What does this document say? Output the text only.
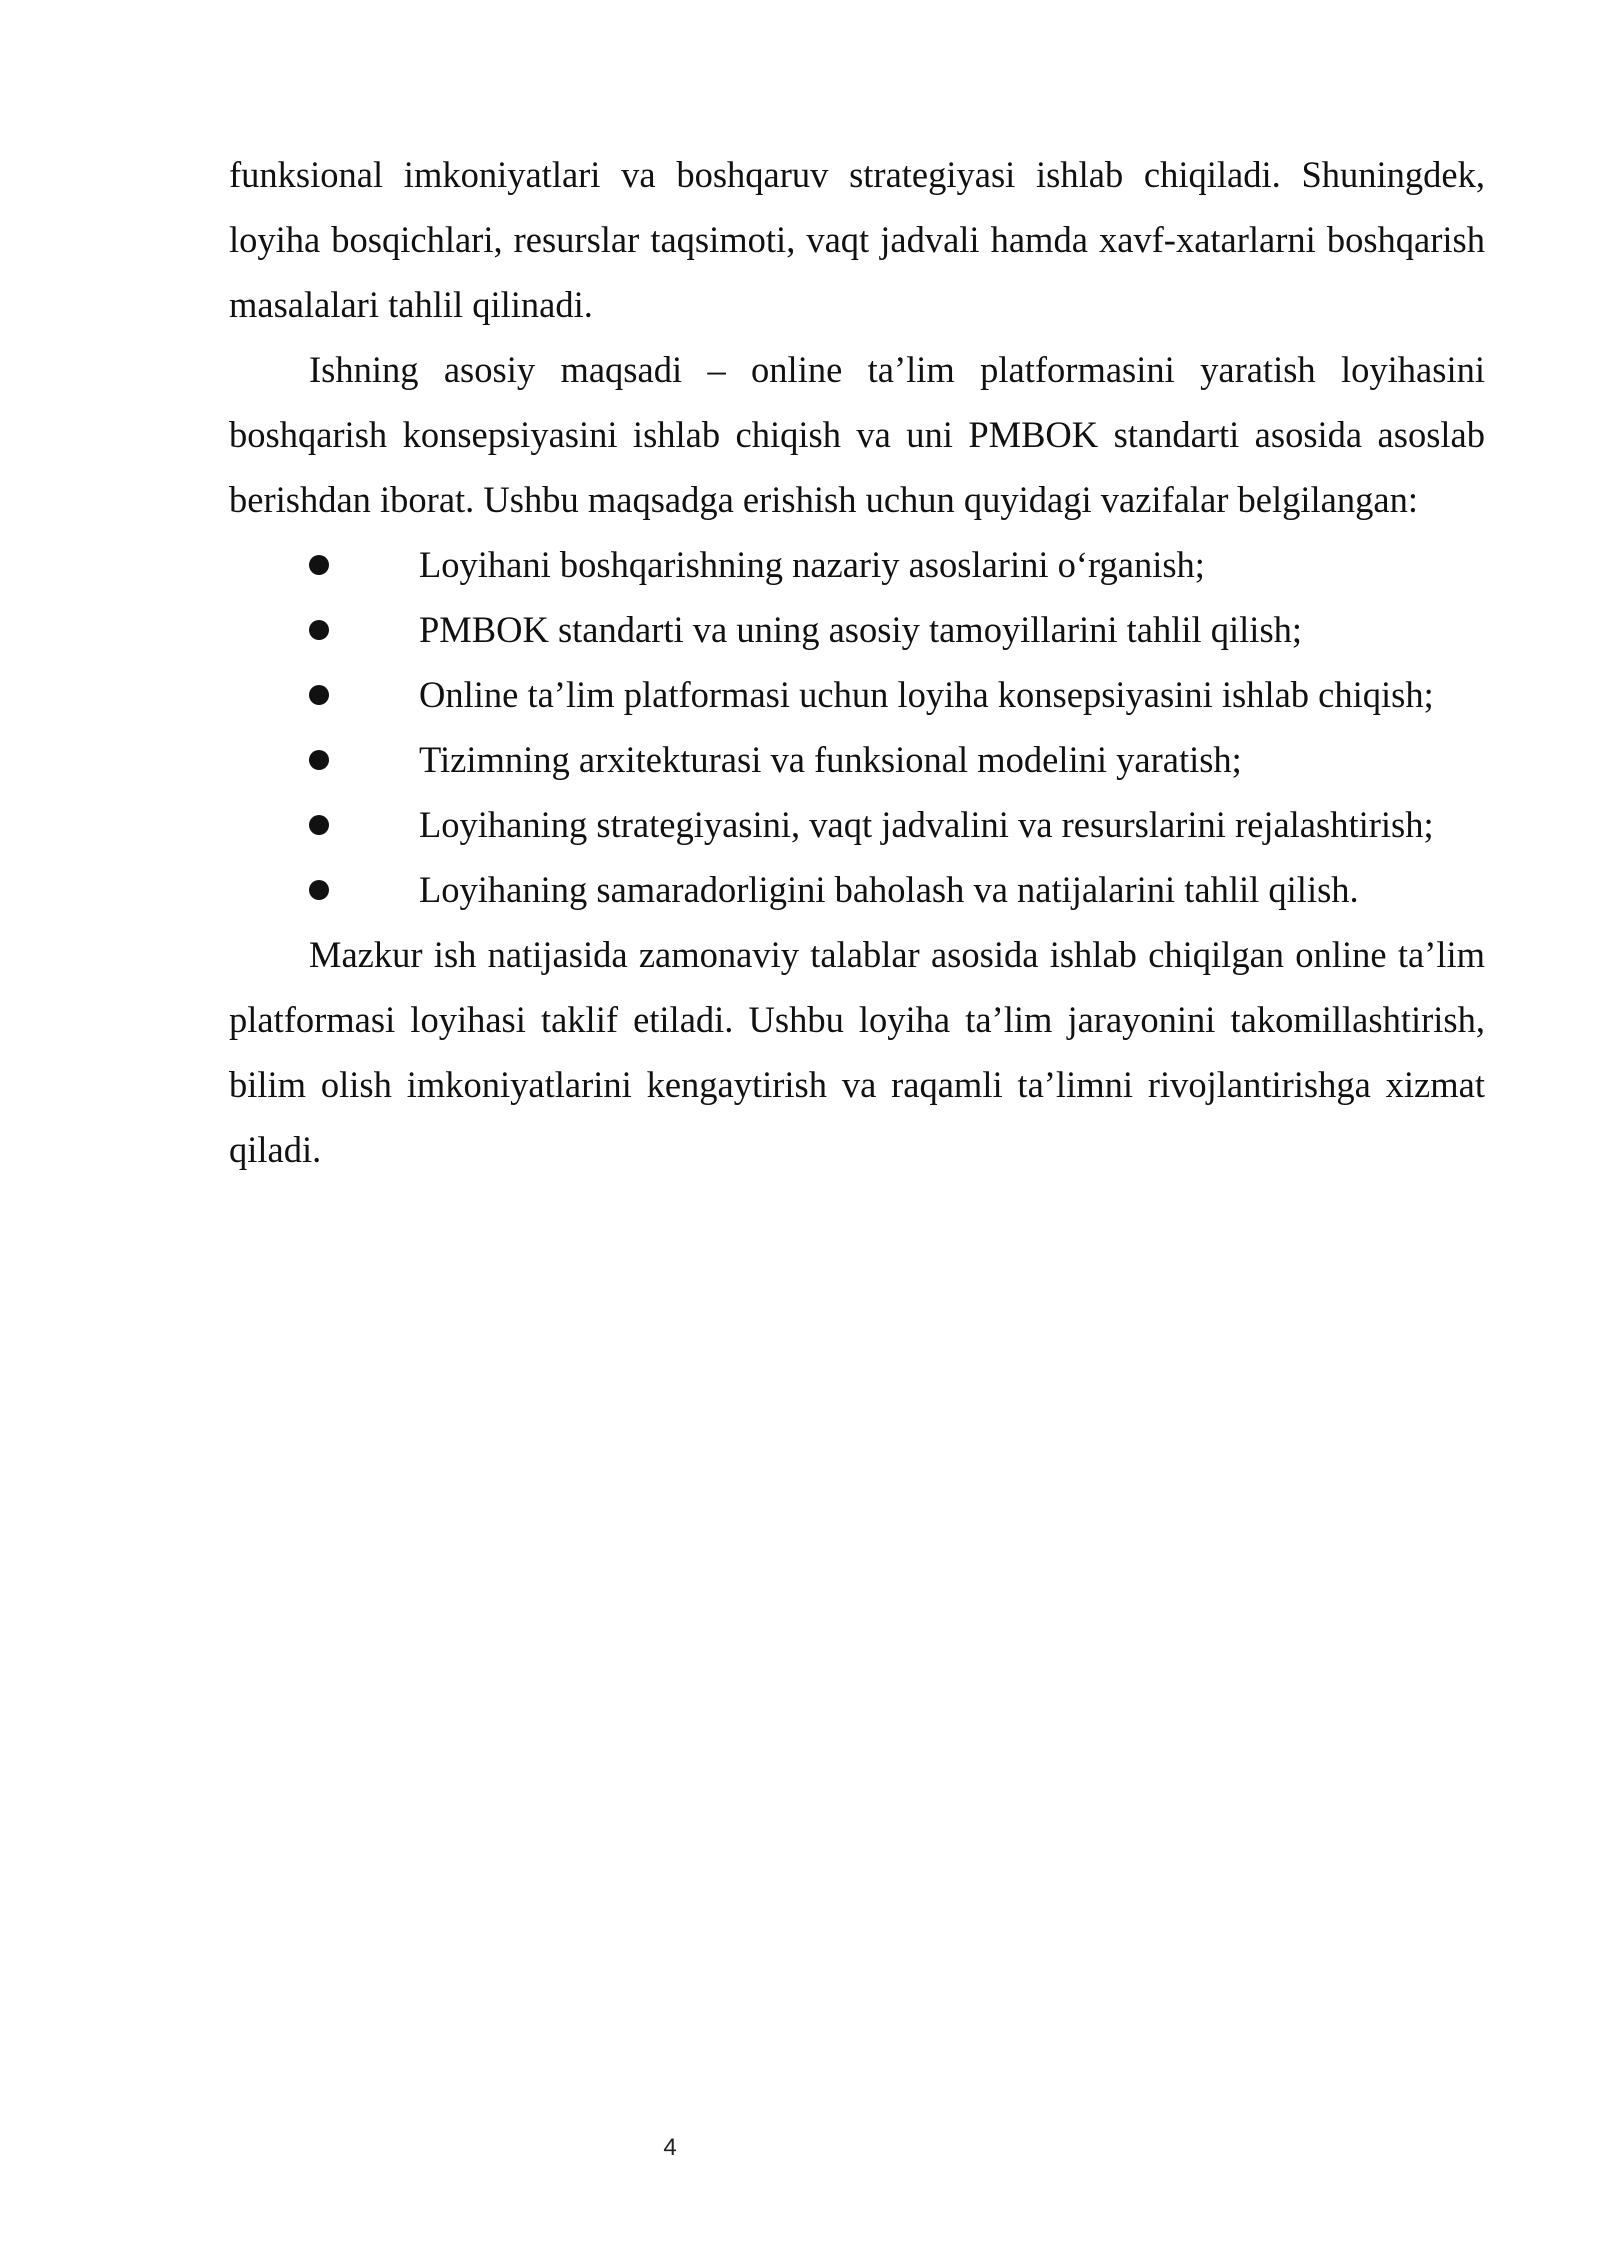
funksional imkoniyatlari va boshqaruv strategiyasi ishlab chiqiladi. Shuningdek, loyiha bosqichlari, resurslar taqsimoti, vaqt jadvali hamda xavf-xatarlarni boshqarish masalalari tahlil qilinadi.

Ishning asosiy maqsadi – online ta’lim platformasini yaratish loyihasini boshqarish konsepsiyasini ishlab chiqish va uni PMBOK standarti asosida asoslab berishdan iborat. Ushbu maqsadga erishish uchun quyidagi vazifalar belgilangan:

Loyihani boshqarishning nazariy asoslarini o‘rganish;
PMBOK standarti va uning asosiy tamoyillarini tahlil qilish;
Online ta’lim platformasi uchun loyiha konsepsiyasini ishlab chiqish;
Tizimning arxitekturasi va funksional modelini yaratish;
Loyihaning strategiyasini, vaqt jadvalini va resurslarini rejalashtirish;
Loyihaning samaradorligini baholash va natijalarini tahlil qilish.

Mazkur ish natijasida zamonaviy talablar asosida ishlab chiqilgan online ta’lim platformasi loyihasi taklif etiladi. Ushbu loyiha ta’lim jarayonini takomillashtirish, bilim olish imkoniyatlarini kengaytirish va raqamli ta’limni rivojlantirishga xizmat qiladi.

4
